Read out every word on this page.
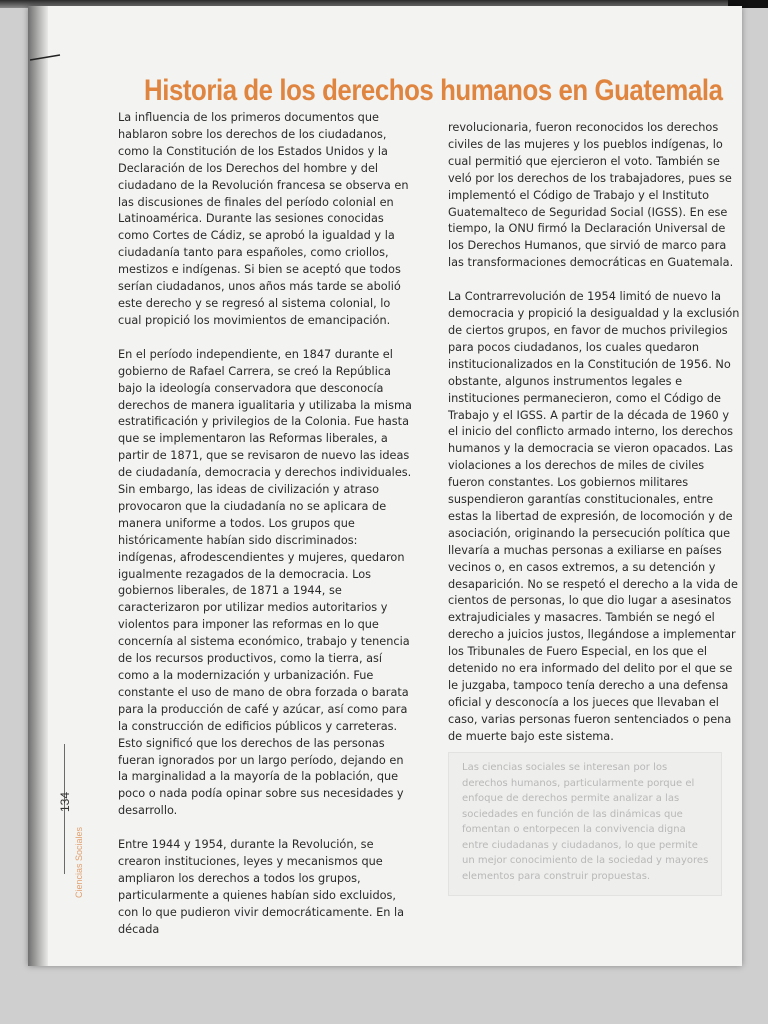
Historia de los derechos humanos en Guatemala

La influencia de los primeros documentos que hablaron sobre los derechos de los ciudadanos, como la Constitución de los Estados Unidos y la Declaración de los Derechos del hombre y del ciudadano de la Revolución francesa se observa en las discusiones de finales del período colonial en Latinoamérica. Durante las sesiones conocidas como Cortes de Cádiz, se aprobó la igualdad y la ciudadanía tanto para españoles, como criollos, mestizos e indígenas. Si bien se aceptó que todos serían ciudadanos, unos años más tarde se abolió este derecho y se regresó al sistema colonial, lo cual propició los movimientos de emancipación.

En el período independiente, en 1847 durante el gobierno de Rafael Carrera, se creó la República bajo la ideología conservadora que desconocía derechos de manera igualitaria y utilizaba la misma estratificación y privilegios de la Colonia. Fue hasta que se implementaron las Reformas liberales, a partir de 1871, que se revisaron de nuevo las ideas de ciudadanía, democracia y derechos individuales. Sin embargo, las ideas de civilización y atraso provocaron que la ciudadanía no se aplicara de manera uniforme a todos. Los grupos que históricamente habían sido discriminados: indígenas, afrodescendientes y mujeres, quedaron igualmente rezagados de la democracia. Los gobiernos liberales, de 1871 a 1944, se caracterizaron por utilizar medios autoritarios y violentos para imponer las reformas en lo que concernía al sistema económico, trabajo y tenencia de los recursos productivos, como la tierra, así como a la modernización y urbanización. Fue constante el uso de mano de obra forzada o barata para la producción de café y azúcar, así como para la construcción de edificios públicos y carreteras. Esto significó que los derechos de las personas fueran ignorados por un largo período, dejando en la marginalidad a la mayoría de la población, que poco o nada podía opinar sobre sus necesidades y desarrollo.

Entre 1944 y 1954, durante la Revolución, se crearon instituciones, leyes y mecanismos que ampliaron los derechos a todos los grupos, particularmente a quienes habían sido excluidos, con lo que pudieron vivir democráticamente. En la década

revolucionaria, fueron reconocidos los derechos civiles de las mujeres y los pueblos indígenas, lo cual permitió que ejercieron el voto. También se veló por los derechos de los trabajadores, pues se implementó el Código de Trabajo y el Instituto Guatemalteco de Seguridad Social (IGSS). En ese tiempo, la ONU firmó la Declaración Universal de los Derechos Humanos, que sirvió de marco para las transformaciones democráticas en Guatemala.

La Contrarrevolución de 1954 limitó de nuevo la democracia y propició la desigualdad y la exclusión de ciertos grupos, en favor de muchos privilegios para pocos ciudadanos, los cuales quedaron institucionalizados en la Constitución de 1956. No obstante, algunos instrumentos legales e instituciones permanecieron, como el Código de Trabajo y el IGSS. A partir de la década de 1960 y el inicio del conflicto armado interno, los derechos humanos y la democracia se vieron opacados. Las violaciones a los derechos de miles de civiles fueron constantes. Los gobiernos militares suspendieron garantías constitucionales, entre estas la libertad de expresión, de locomoción y de asociación, originando la persecución política que llevaría a muchas personas a exiliarse en países vecinos o, en casos extremos, a su detención y desaparición. No se respetó el derecho a la vida de cientos de personas, lo que dio lugar a asesinatos extrajudiciales y masacres. También se negó el derecho a juicios justos, llegándose a implementar los Tribunales de Fuero Especial, en los que el detenido no era informado del delito por el que se le juzgaba, tampoco tenía derecho a una defensa oficial y desconocía a los jueces que llevaban el caso, varias personas fueron sentenciados o pena de muerte bajo este sistema.

Las ciencias sociales se interesan por los derechos humanos, particularmente porque el enfoque de derechos permite analizar a las sociedades en función de las dinámicas que fomentan o entorpecen la convivencia digna entre ciudadanas y ciudadanos, lo que permite un mejor conocimiento de la sociedad y mayores elementos para construir propuestas.
134
Ciencias Sociales
